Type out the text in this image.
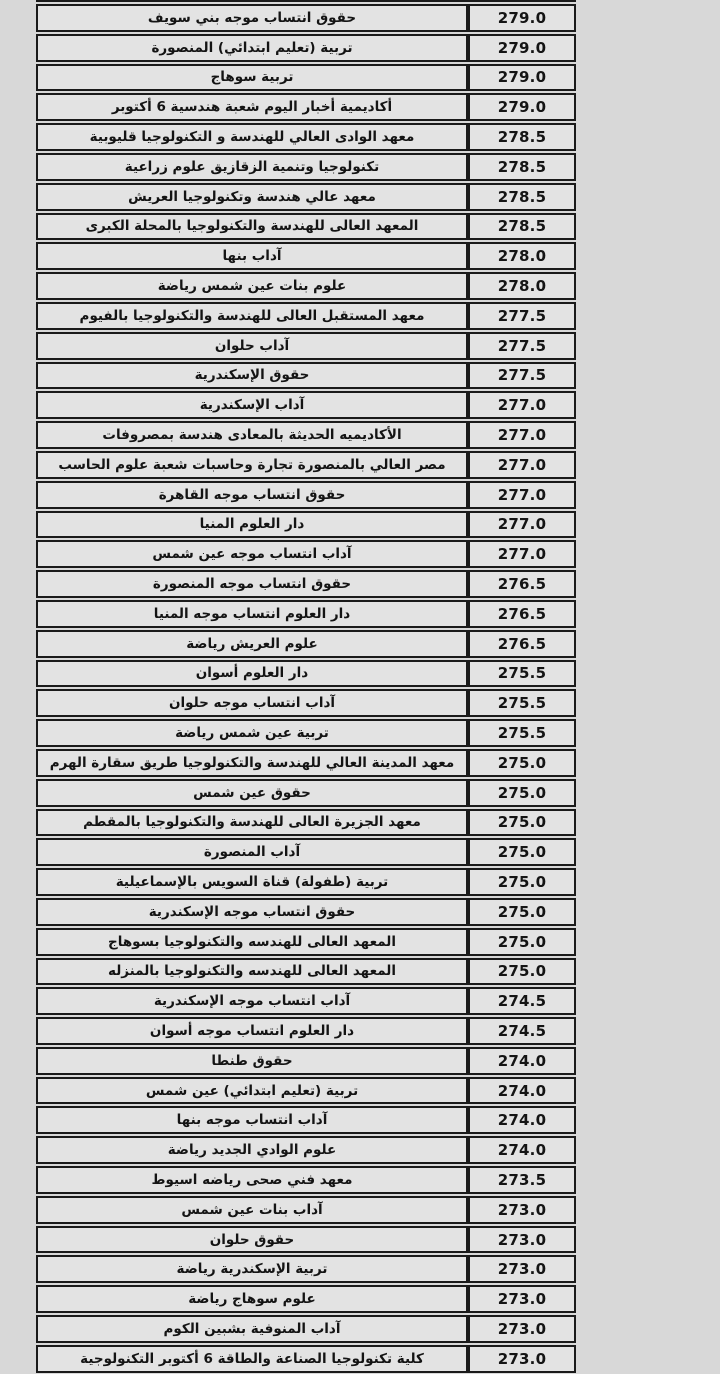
حقوق انتساب موجه بني سويف	279.0
تربية (تعليم ابتدائي) المنصورة	279.0
تربية سوهاج	279.0
أكاديمية أخبار اليوم شعبة هندسية 6 أكتوبر	279.0
معهد الوادى العالي للهندسة و التكنولوجيا قليوبية	278.5
تكنولوجيا وتنمية الزقازيق علوم زراعية	278.5
معهد عالي هندسة وتكنولوجيا العريش	278.5
المعهد العالى للهندسة والتكنولوجيا بالمحلة الكبرى	278.5
آداب بنها	278.0
علوم بنات عين شمس رياضة	278.0
معهد المستقبل العالى للهندسة والتكنولوجيا بالفيوم	277.5
آداب حلوان	277.5
حقوق الإسكندرية	277.5
آداب الإسكندرية	277.0
الأكاديميه الحديثة بالمعادى هندسة بمصروفات	277.0
مصر العالي بالمنصورة تجارة وحاسبات شعبة علوم الحاسب	277.0
حقوق انتساب موجه القاهرة	277.0
دار العلوم المنيا	277.0
آداب انتساب موجه عين شمس	277.0
حقوق انتساب موجه المنصورة	276.5
دار العلوم انتساب موجه المنيا	276.5
علوم العريش رياضة	276.5
دار العلوم أسوان	275.5
آداب انتساب موجه حلوان	275.5
تربية عين شمس رياضة	275.5
معهد المدينة العالي للهندسة والتكنولوجيا طريق سقارة الهرم	275.0
حقوق عين شمس	275.0
معهد الجزيرة العالى للهندسة والتكنولوجيا بالمقطم	275.0
آداب المنصورة	275.0
تربية (طفولة) قناة السويس بالإسماعيلية	275.0
حقوق انتساب موجه الإسكندرية	275.0
المعهد العالى للهندسه والتكنولوجيا بسوهاج	275.0
المعهد العالى للهندسه والتكنولوجيا بالمنزله	275.0
آداب انتساب موجه الإسكندرية	274.5
دار العلوم انتساب موجه أسوان	274.5
حقوق طنطا	274.0
تربية (تعليم ابتدائي) عين شمس	274.0
آداب انتساب موجه بنها	274.0
علوم الوادي الجديد رياضة	274.0
معهد فني صحى رياضه اسيوط	273.5
آداب بنات عين شمس	273.0
حقوق حلوان	273.0
تربية الإسكندرية رياضة	273.0
علوم سوهاج رياضة	273.0
آداب المنوفية بشبين الكوم	273.0
كلية تكنولوجيا الصناعة والطاقة 6 أكتوبر التكنولوجية	273.0
